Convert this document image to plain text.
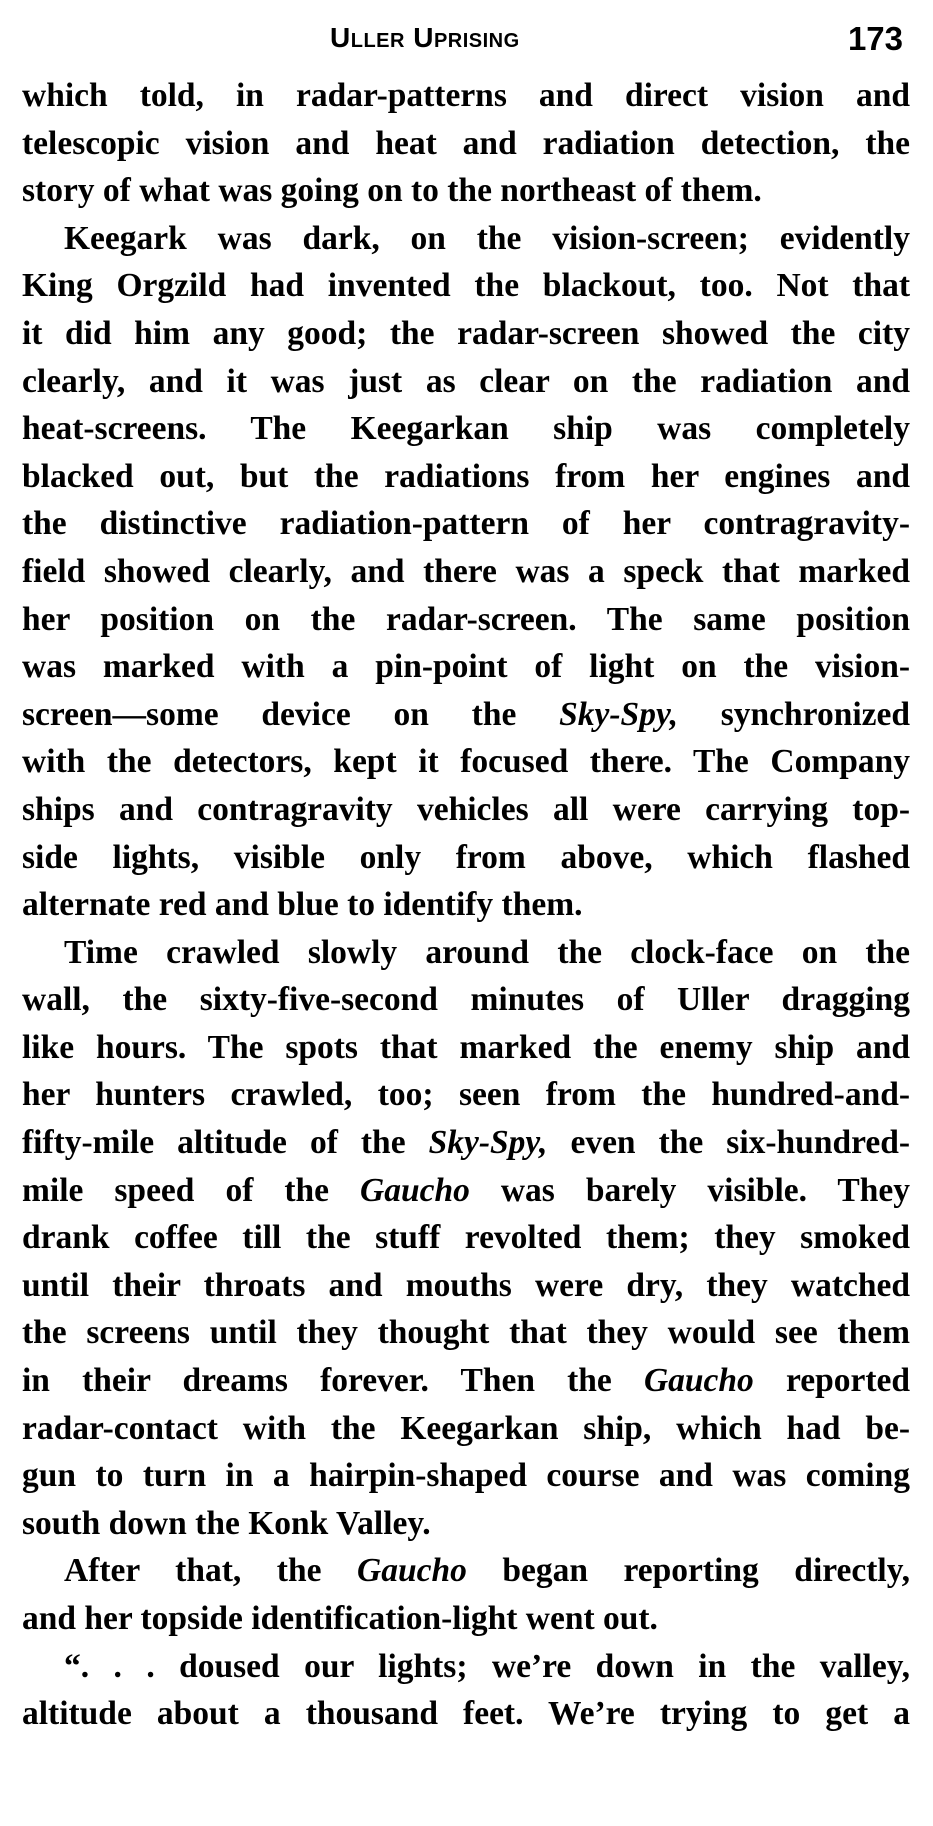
Uller Uprising	173
which told, in radar-patterns and direct vision and
telescopic vision and heat and radiation detection, the
story of what was going on to the northeast of them.
Keegark was dark, on the vision-screen; evidently
King Orgzild had invented the blackout, too. Not that
it did him any good; the radar-screen showed the city
clearly, and it was just as clear on the radiation and
heat-screens. The Keegarkan ship was completely
blacked out, but the radiations from her engines and
the distinctive radiation-pattern of her contragravity-
field showed clearly, and there was a speck that marked
her position on the radar-screen. The same position
was marked with a pin-point of light on the vision-
screen—some device on the Sky-Spy, synchronized
with the detectors, kept it focused there. The Company
ships and contragravity vehicles all were carrying top-
side lights, visible only from above, which flashed
alternate red and blue to identify them.
Time crawled slowly around the clock-face on the
wall, the sixty-five-second minutes of Uller dragging
like hours. The spots that marked the enemy ship and
her hunters crawled, too; seen from the hundred-and-
fifty-mile altitude of the Sky-Spy, even the six-hundred-
mile speed of the Gaucho was barely visible. They
drank coffee till the stuff revolted them; they smoked
until their throats and mouths were dry, they watched
the screens until they thought that they would see them
in their dreams forever. Then the Gaucho reported
radar-contact with the Keegarkan ship, which had be-
gun to turn in a hairpin-shaped course and was coming
south down the Konk Valley.
After that, the Gaucho began reporting directly,
and her topside identification-light went out.
“. . . doused our lights; we’re down in the valley,
altitude about a thousand feet. We’re trying to get a
